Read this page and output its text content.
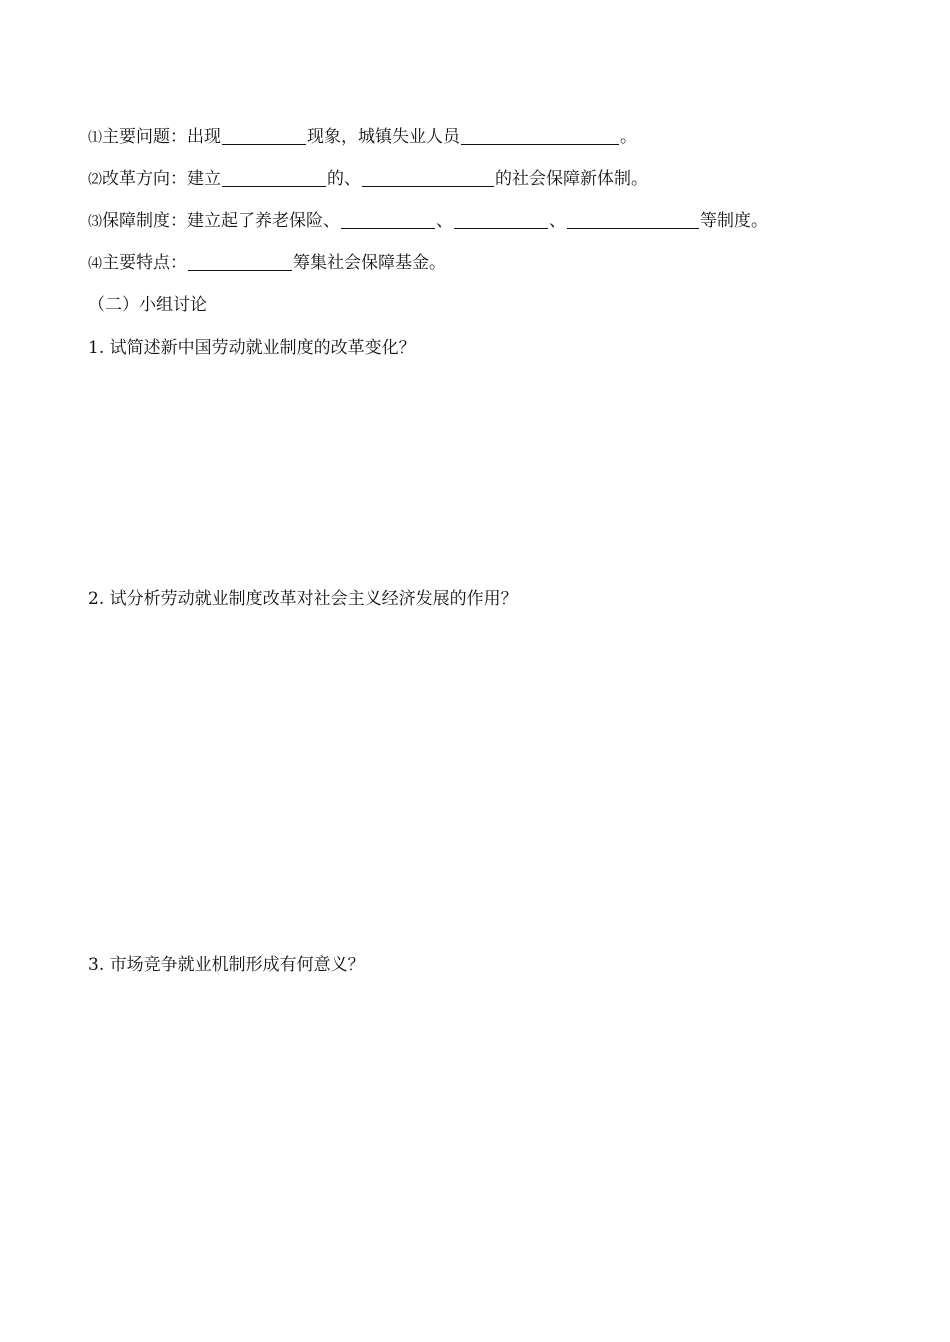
⑴主要问题：出现	现象，城镇失业人员	。
⑵改革方向：建立	的、	的社会保障新体制。
⑶保障制度：建立起了养老保险、	、	、	等制度。
⑷主要特点：	筹集社会保障基金。
（二）小组讨论
1. 试简述新中国劳动就业制度的改革变化？
2. 试分析劳动就业制度改革对社会主义经济发展的作用？
3. 市场竞争就业机制形成有何意义？
